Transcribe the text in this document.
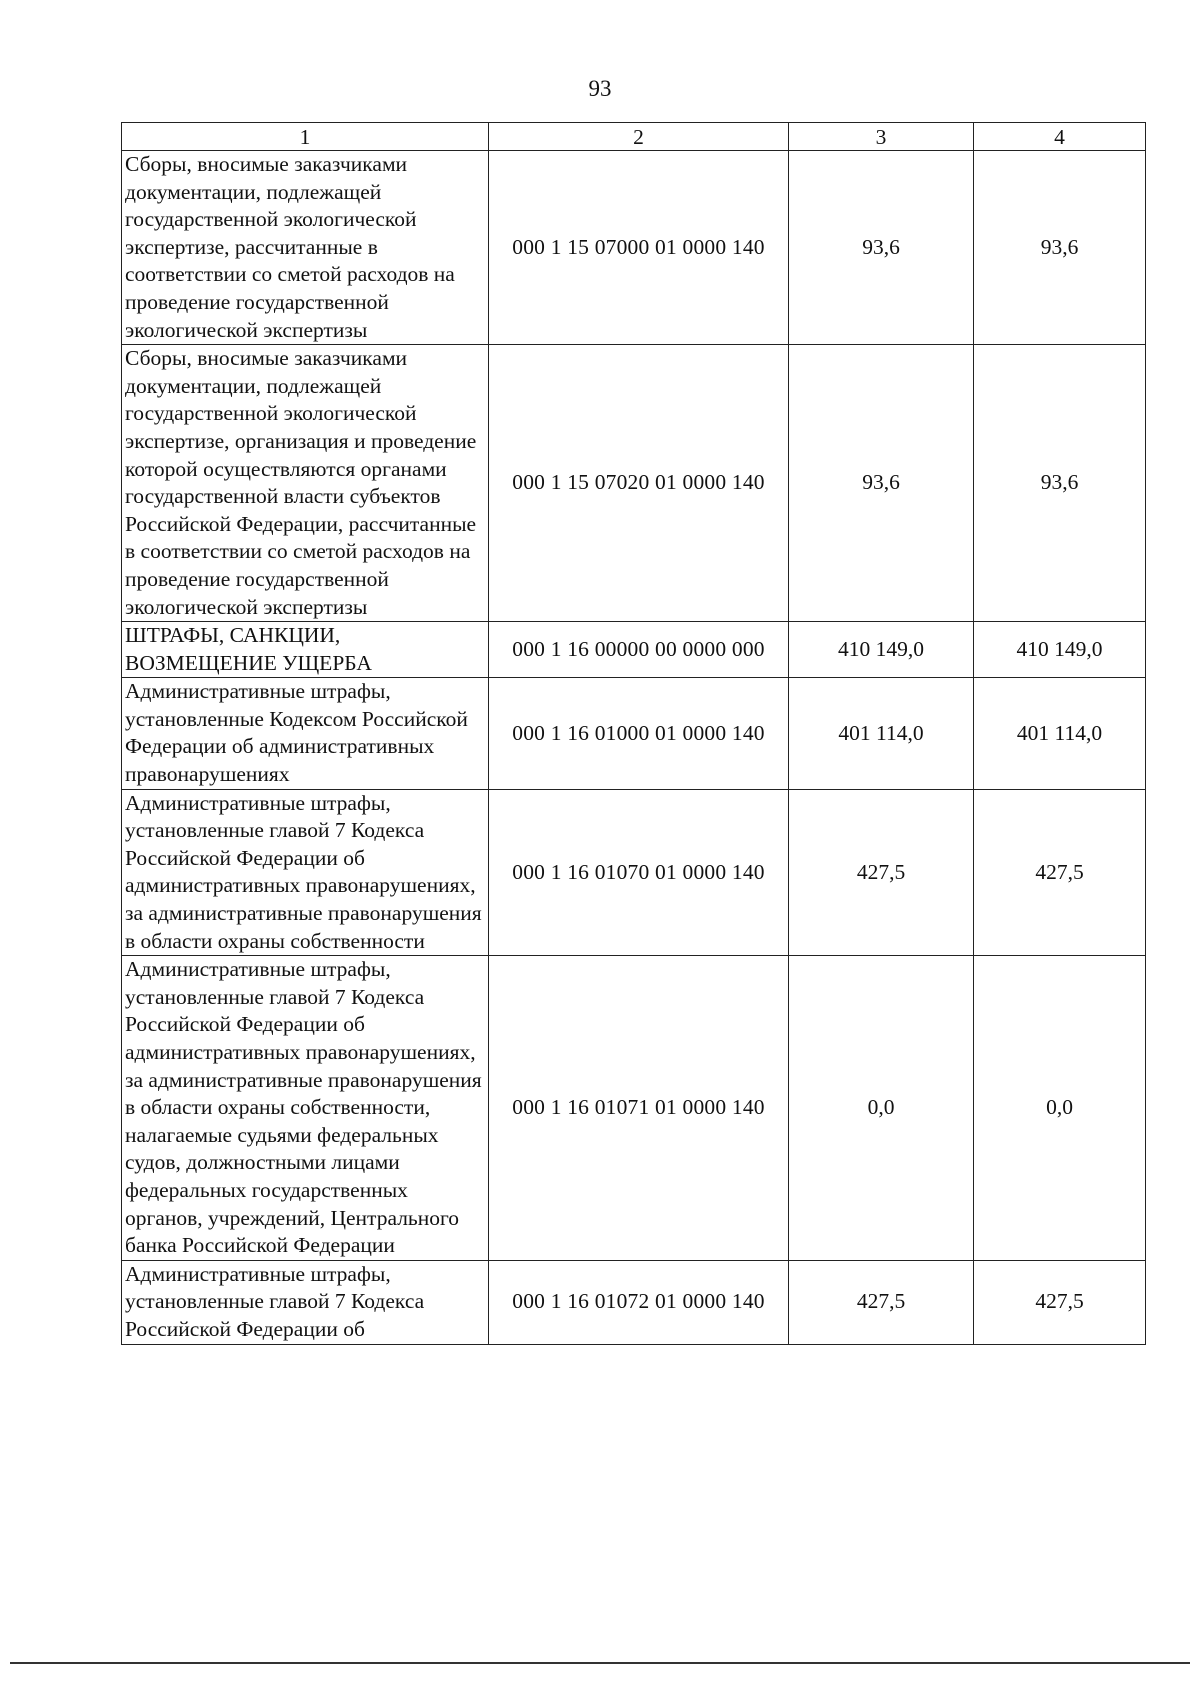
93
1	2	3	4
Сборы, вносимые заказчиками документации, подлежащей государственной экологической экспертизе, рассчитанные в соответствии со сметой расходов на проведение государственной экологической экспертизы	000 1 15 07000 01 0000 140	93,6	93,6
Сборы, вносимые заказчиками документации, подлежащей государственной экологической экспертизе, организация и проведение которой осуществляются органами государственной власти субъектов Российской Федерации, рассчитанные в соответствии со сметой расходов на проведение государственной экологической экспертизы	000 1 15 07020 01 0000 140	93,6	93,6
ШТРАФЫ, САНКЦИИ, ВОЗМЕЩЕНИЕ УЩЕРБА	000 1 16 00000 00 0000 000	410 149,0	410 149,0
Административные штрафы, установленные Кодексом Российской Федерации об административных правонарушениях	000 1 16 01000 01 0000 140	401 114,0	401 114,0
Административные штрафы, установленные главой 7 Кодекса Российской Федерации об административных правонарушениях, за административные правонарушения в области охраны собственности	000 1 16 01070 01 0000 140	427,5	427,5
Административные штрафы, установленные главой 7 Кодекса Российской Федерации об административных правонарушениях, за административные правонарушения в области охраны собственности, налагаемые судьями федеральных судов, должностными лицами федеральных государственных органов, учреждений, Центрального банка Российской Федерации	000 1 16 01071 01 0000 140	0,0	0,0
Административные штрафы, установленные главой 7 Кодекса Российской Федерации об	000 1 16 01072 01 0000 140	427,5	427,5
